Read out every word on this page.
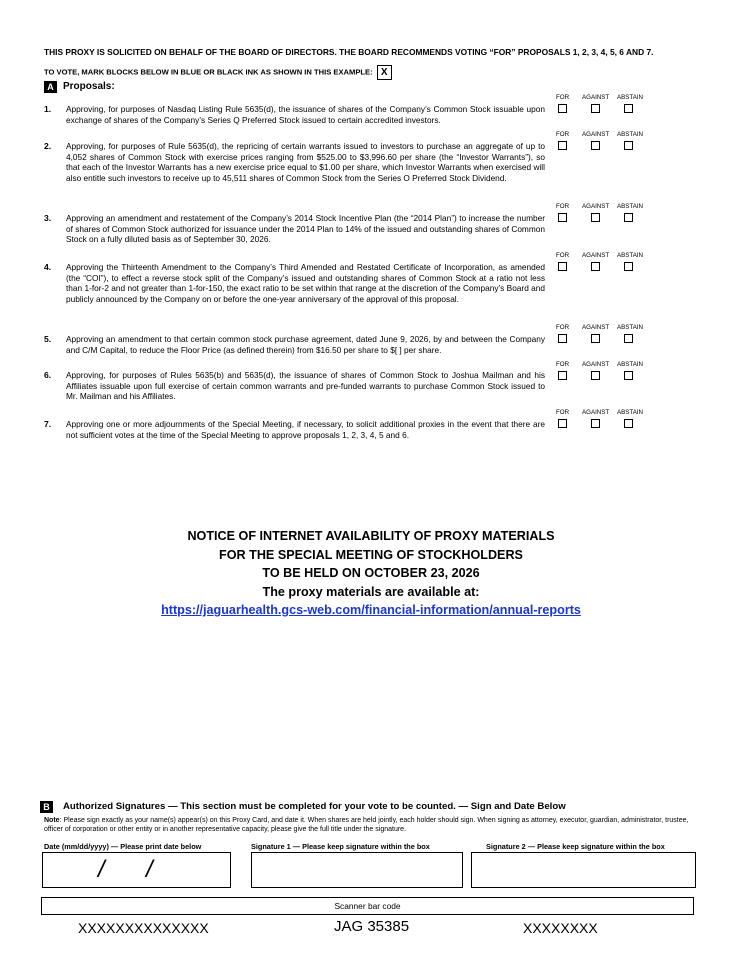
THIS PROXY IS SOLICITED ON BEHALF OF THE BOARD OF DIRECTORS. THE BOARD RECOMMENDS VOTING “FOR” PROPOSALS 1, 2, 3, 4, 5, 6 AND 7.
TO VOTE, MARK BLOCKS BELOW IN BLUE OR BLACK INK AS SHOWN IN THIS EXAMPLE: X
A Proposals:
1. Approving, for purposes of Nasdaq Listing Rule 5635(d), the issuance of shares of the Company’s Common Stock issuable upon exchange of shares of the Company’s Series Q Preferred Stock issued to certain accredited investors.
FOR AGAINST ABSTAIN
2. Approving, for purposes of Rule 5635(d), the repricing of certain warrants issued to investors to purchase an aggregate of up to 4,052 shares of Common Stock with exercise prices ranging from $525.00 to $3,996.60 per share (the “Investor Warrants”), so that each of the Investor Warrants has a new exercise price equal to $1.00 per share, which Investor Warrants when exercised will also entitle such investors to receive up to 45,511 shares of Common Stock from the Series O Preferred Stock Dividend.
FOR AGAINST ABSTAIN
3. Approving an amendment and restatement of the Company’s 2014 Stock Incentive Plan (the “2014 Plan”) to increase the number of shares of Common Stock authorized for issuance under the 2014 Plan to 14% of the issued and outstanding shares of Common Stock on a fully diluted basis as of September 30, 2026.
FOR AGAINST ABSTAIN
4. Approving the Thirteenth Amendment to the Company’s Third Amended and Restated Certificate of Incorporation, as amended (the “COI”), to effect a reverse stock split of the Company’s issued and outstanding shares of Common Stock at a ratio not less than 1-for-2 and not greater than 1-for-150, the exact ratio to be set within that range at the discretion of the Company’s Board and publicly announced by the Company on or before the one-year anniversary of the approval of this proposal.
FOR AGAINST ABSTAIN
5. Approving an amendment to that certain common stock purchase agreement, dated June 9, 2026, by and between the Company and C/M Capital, to reduce the Floor Price (as defined therein) from $16.50 per share to $[ ] per share.
FOR AGAINST ABSTAIN
6. Approving, for purposes of Rules 5635(b) and 5635(d), the issuance of shares of Common Stock to Joshua Mailman and his Affiliates issuable upon full exercise of certain common warrants and pre-funded warrants to purchase Common Stock issued to Mr. Mailman and his Affiliates.
FOR AGAINST ABSTAIN
7. Approving one or more adjournments of the Special Meeting, if necessary, to solicit additional proxies in the event that there are not sufficient votes at the time of the Special Meeting to approve proposals 1, 2, 3, 4, 5 and 6.
FOR AGAINST ABSTAIN
NOTICE OF INTERNET AVAILABILITY OF PROXY MATERIALS
FOR THE SPECIAL MEETING OF STOCKHOLDERS
TO BE HELD ON OCTOBER 23, 2026
The proxy materials are available at:
https://jaguarhealth.gcs-web.com/financial-information/annual-reports
B	Authorized Signatures — This section must be completed for your vote to be counted. — Sign and Date Below
Note: Please sign exactly as your name(s) appear(s) on this Proxy Card, and date it. When shares are held jointly, each holder should sign. When signing as attorney, executor, guardian, administrator, trustee, officer of corporation or other entity or in another representative capacity, please give the full title under the signature.
Date (mm/dd/yyyy) — Please print date below	Signature 1 — Please keep signature within the box	Signature 2 — Please keep signature within the box
/ /
Scanner bar code
XXXXXXXXXXXXXX	JAG 35385	XXXXXXXX
